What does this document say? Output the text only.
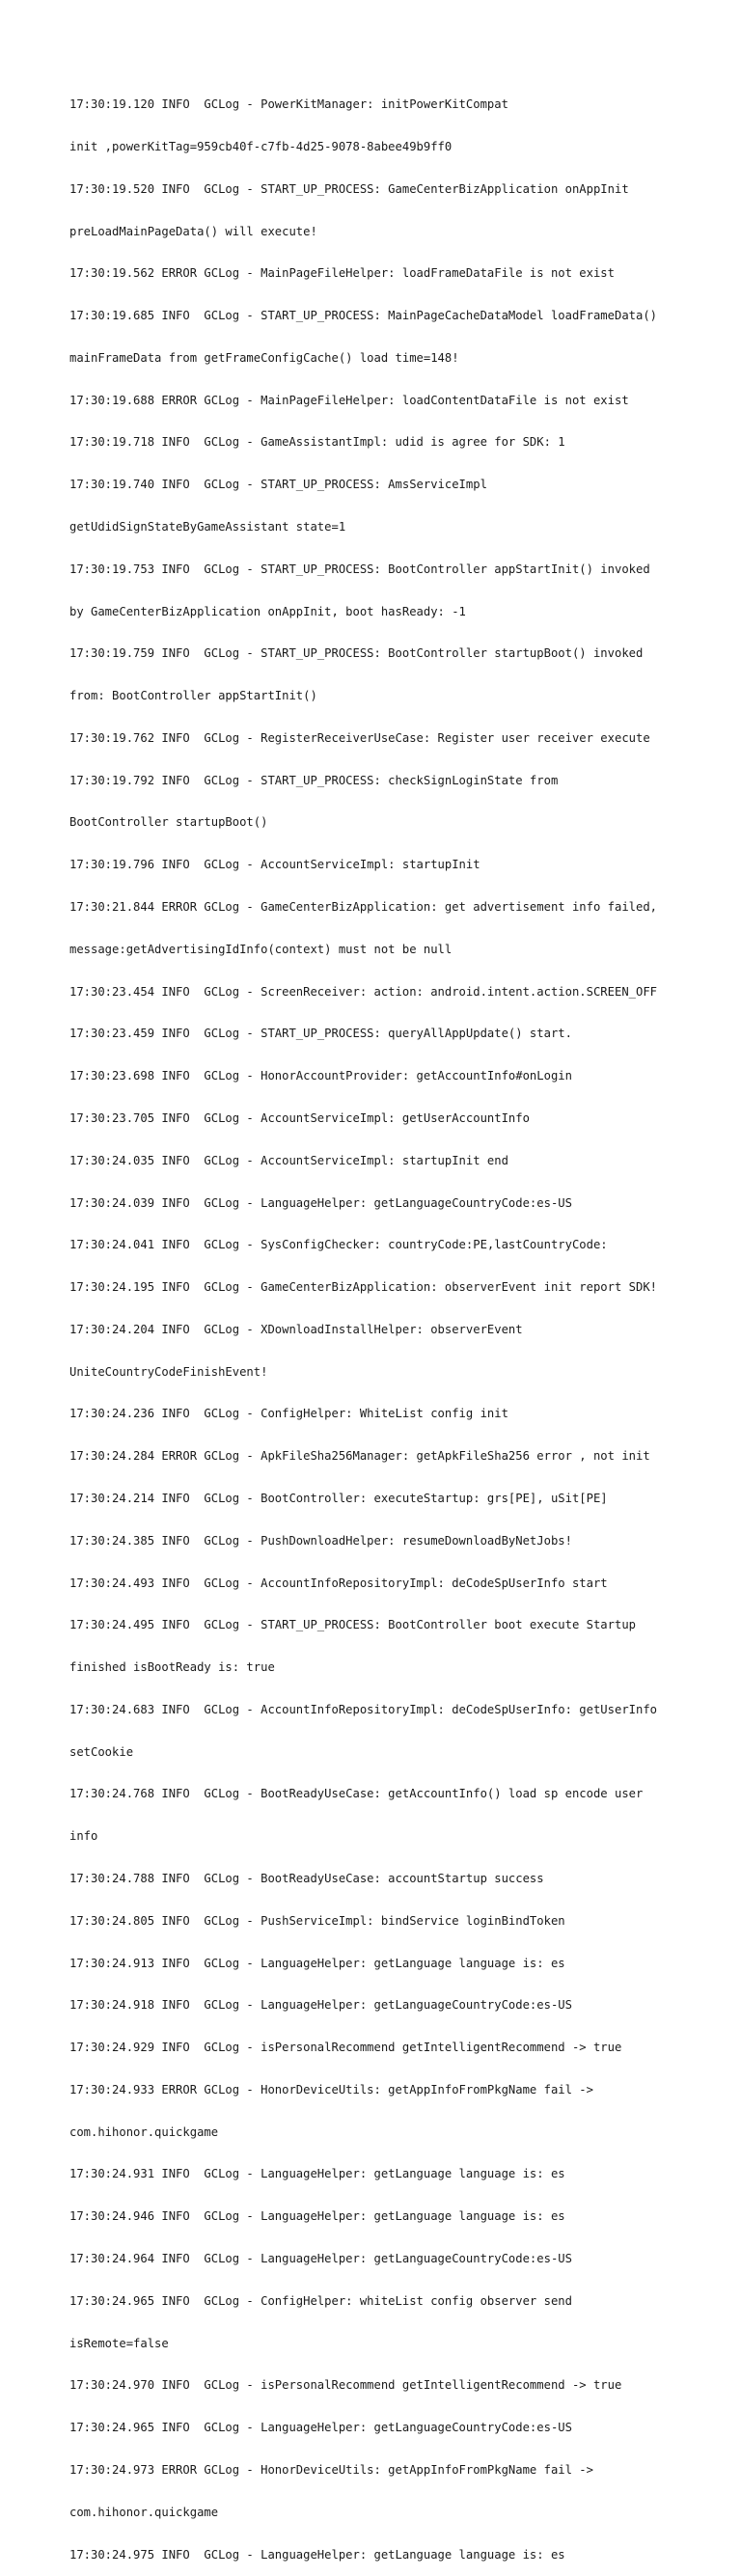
17:30:19.120 INFO  GCLog - PowerKitManager: initPowerKitCompat

init ,powerKitTag=959cb40f-c7fb-4d25-9078-8abee49b9ff0

17:30:19.520 INFO  GCLog - START_UP_PROCESS: GameCenterBizApplication onAppInit

preLoadMainPageData() will execute!

17:30:19.562 ERROR GCLog - MainPageFileHelper: loadFrameDataFile is not exist

17:30:19.685 INFO  GCLog - START_UP_PROCESS: MainPageCacheDataModel loadFrameData()

mainFrameData from getFrameConfigCache() load time=148!

17:30:19.688 ERROR GCLog - MainPageFileHelper: loadContentDataFile is not exist

17:30:19.718 INFO  GCLog - GameAssistantImpl: udid is agree for SDK: 1

17:30:19.740 INFO  GCLog - START_UP_PROCESS: AmsServiceImpl

getUdidSignStateByGameAssistant state=1

17:30:19.753 INFO  GCLog - START_UP_PROCESS: BootController appStartInit() invoked

by GameCenterBizApplication onAppInit, boot hasReady: -1

17:30:19.759 INFO  GCLog - START_UP_PROCESS: BootController startupBoot() invoked

from: BootController appStartInit()

17:30:19.762 INFO  GCLog - RegisterReceiverUseCase: Register user receiver execute

17:30:19.792 INFO  GCLog - START_UP_PROCESS: checkSignLoginState from

BootController startupBoot()

17:30:19.796 INFO  GCLog - AccountServiceImpl: startupInit

17:30:21.844 ERROR GCLog - GameCenterBizApplication: get advertisement info failed,

message:getAdvertisingIdInfo(context) must not be null

17:30:23.454 INFO  GCLog - ScreenReceiver: action: android.intent.action.SCREEN_OFF

17:30:23.459 INFO  GCLog - START_UP_PROCESS: queryAllAppUpdate() start.

17:30:23.698 INFO  GCLog - HonorAccountProvider: getAccountInfo#onLogin

17:30:23.705 INFO  GCLog - AccountServiceImpl: getUserAccountInfo

17:30:24.035 INFO  GCLog - AccountServiceImpl: startupInit end

17:30:24.039 INFO  GCLog - LanguageHelper: getLanguageCountryCode:es-US

17:30:24.041 INFO  GCLog - SysConfigChecker: countryCode:PE,lastCountryCode:

17:30:24.195 INFO  GCLog - GameCenterBizApplication: observerEvent init report SDK!

17:30:24.204 INFO  GCLog - XDownloadInstallHelper: observerEvent

UniteCountryCodeFinishEvent!

17:30:24.236 INFO  GCLog - ConfigHelper: WhiteList config init

17:30:24.284 ERROR GCLog - ApkFileSha256Manager: getApkFileSha256 error , not init

17:30:24.214 INFO  GCLog - BootController: executeStartup: grs[PE], uSit[PE]

17:30:24.385 INFO  GCLog - PushDownloadHelper: resumeDownloadByNetJobs!

17:30:24.493 INFO  GCLog - AccountInfoRepositoryImpl: deCodeSpUserInfo start

17:30:24.495 INFO  GCLog - START_UP_PROCESS: BootController boot execute Startup

finished isBootReady is: true

17:30:24.683 INFO  GCLog - AccountInfoRepositoryImpl: deCodeSpUserInfo: getUserInfo

setCookie

17:30:24.768 INFO  GCLog - BootReadyUseCase: getAccountInfo() load sp encode user

info

17:30:24.788 INFO  GCLog - BootReadyUseCase: accountStartup success

17:30:24.805 INFO  GCLog - PushServiceImpl: bindService loginBindToken

17:30:24.913 INFO  GCLog - LanguageHelper: getLanguage language is: es

17:30:24.918 INFO  GCLog - LanguageHelper: getLanguageCountryCode:es-US

17:30:24.929 INFO  GCLog - isPersonalRecommend getIntelligentRecommend -> true

17:30:24.933 ERROR GCLog - HonorDeviceUtils: getAppInfoFromPkgName fail ->

com.hihonor.quickgame

17:30:24.931 INFO  GCLog - LanguageHelper: getLanguage language is: es

17:30:24.946 INFO  GCLog - LanguageHelper: getLanguage language is: es

17:30:24.964 INFO  GCLog - LanguageHelper: getLanguageCountryCode:es-US

17:30:24.965 INFO  GCLog - ConfigHelper: whiteList config observer send

isRemote=false

17:30:24.970 INFO  GCLog - isPersonalRecommend getIntelligentRecommend -> true

17:30:24.965 INFO  GCLog - LanguageHelper: getLanguageCountryCode:es-US

17:30:24.973 ERROR GCLog - HonorDeviceUtils: getAppInfoFromPkgName fail ->

com.hihonor.quickgame

17:30:24.975 INFO  GCLog - LanguageHelper: getLanguage language is: es
